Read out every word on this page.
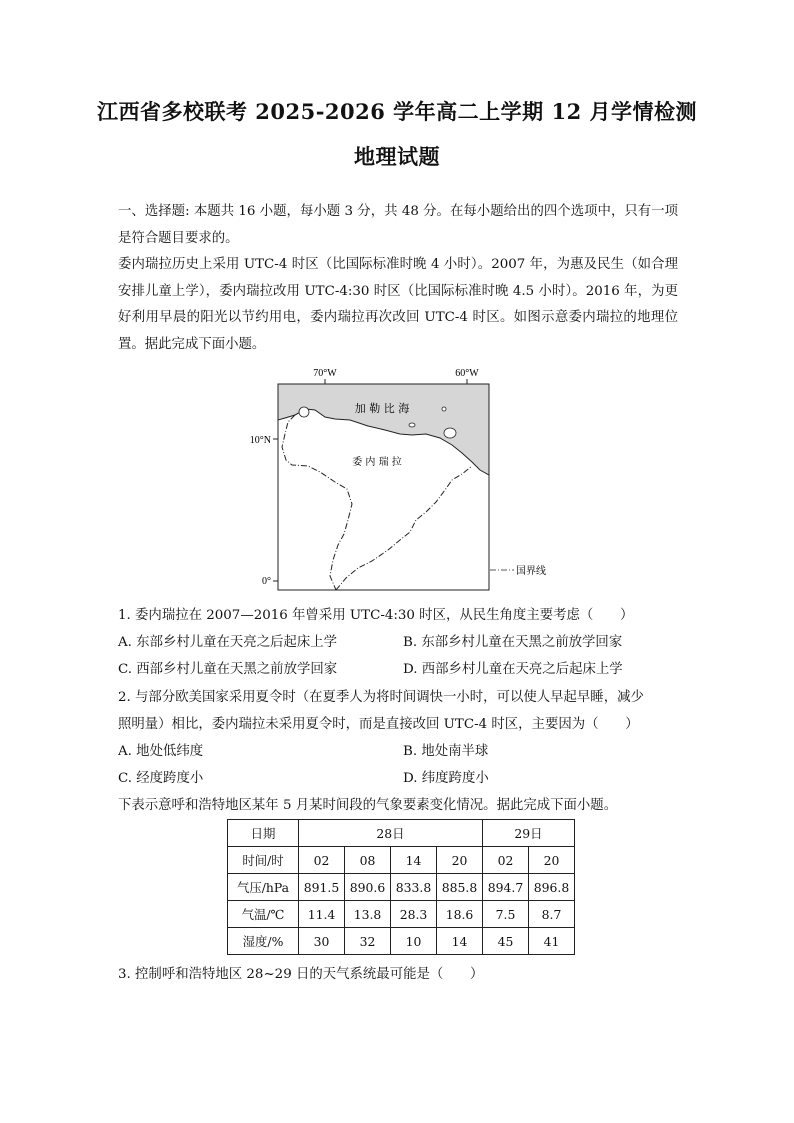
江西省多校联考 2025-2026 学年高二上学期 12 月学情检测
地理试题

一、选择题: 本题共 16 小题，每小题 3 分，共 48 分。在每小题给出的四个选项中，只有一项是符合题目要求的。

委内瑞拉历史上采用 UTC-4 时区（比国际标准时晚 4 小时）。2007 年，为惠及民生（如合理安排儿童上学），委内瑞拉改用 UTC-4:30 时区（比国际标准时晚 4.5 小时）。2016 年，为更好利用早晨的阳光以节约用电，委内瑞拉再次改回 UTC-4 时区。如图示意委内瑞拉的地理位置。据此完成下面小题。

70°W	60°W
10°N
0°
加 勒 比 海
委 内 瑞 拉
国界线
1. 委内瑞拉在 2007—2016 年曾采用 UTC-4:30 时区，从民生角度主要考虑（　　）
A. 东部乡村儿童在天亮之后起床上学	B. 东部乡村儿童在天黑之前放学回家
C. 西部乡村儿童在天黑之前放学回家	D. 西部乡村儿童在天亮之后起床上学
2. 与部分欧美国家采用夏令时（在夏季人为将时间调快一小时，可以使人早起早睡，减少
照明量）相比，委内瑞拉未采用夏令时，而是直接改回 UTC-4 时区，主要因为（　　）
A. 地处低纬度	B. 地处南半球
C. 经度跨度小	D. 纬度跨度小
下表示意呼和浩特地区某年 5 月某时间段的气象要素变化情况。据此完成下面小题。
日期	28日				29日	
时间/时	02	08	14	20	02	20
气压/hPa	891.5	890.6	833.8	885.8	894.7	896.8
气温/℃	11.4	13.8	28.3	18.6	7.5	8.7
湿度/%	30	32	10	14	45	41
3. 控制呼和浩特地区 28~29 日的天气系统最可能是（　　）
